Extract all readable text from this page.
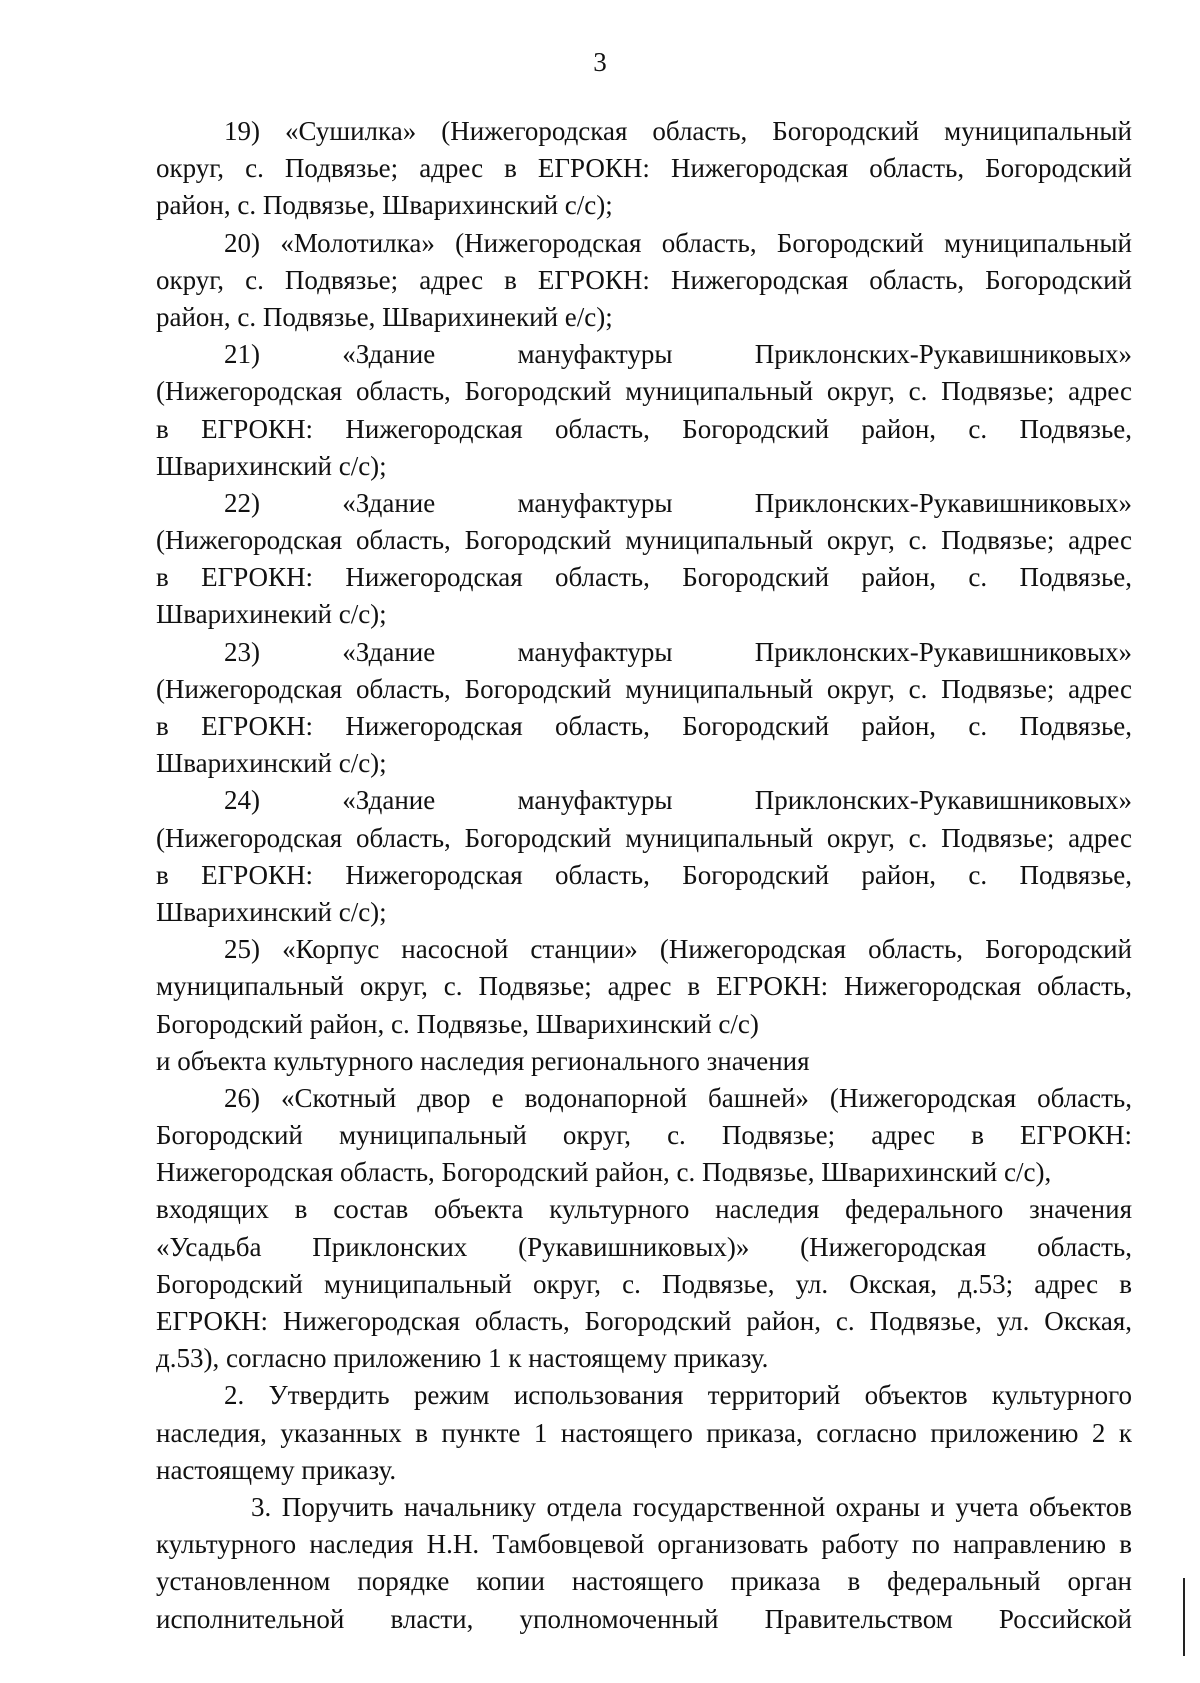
3
19) «Сушилка» (Нижегородская область, Богородский муниципальный
округ, с. Подвязье; адрес в ЕГРОКН: Нижегородская область, Богородский
район, с. Подвязье, Шварихинский с/с);
20) «Молотилка» (Нижегородская область, Богородский муниципальный
округ, с. Подвязье; адрес в ЕГРОКН: Нижегородская область, Богородский
район, с. Подвязье, Шварихинекий е/с);
21) «Здание мануфактуры Приклонских-Рукавишниковых»
(Нижегородская область, Богородский муниципальный округ, с. Подвязье; адрес
в ЕГРОКН: Нижегородская область, Богородский район, с. Подвязье,
Шварихинский с/с);
22) «Здание мануфактуры Приклонских-Рукавишниковых»
(Нижегородская область, Богородский муниципальный округ, с. Подвязье; адрес
в ЕГРОКН: Нижегородская область, Богородский район, с. Подвязье,
Шварихинекий с/с);
23) «Здание мануфактуры Приклонских-Рукавишниковых»
(Нижегородская область, Богородский муниципальный округ, с. Подвязье; адрес
в ЕГРОКН: Нижегородская область, Богородский район, с. Подвязье,
Шварихинский с/с);
24) «Здание мануфактуры Приклонских-Рукавишниковых»
(Нижегородская область, Богородский муниципальный округ, с. Подвязье; адрес
в ЕГРОКН: Нижегородская область, Богородский район, с. Подвязье,
Шварихинский с/с);
25) «Корпус насосной станции» (Нижегородская область, Богородский
муниципальный округ, с. Подвязье; адрес в ЕГРОКН: Нижегородская область,
Богородский район, с. Подвязье, Шварихинский с/с)
и объекта культурного наследия регионального значения
26) «Скотный двор е водонапорной башней» (Нижегородская область,
Богородский муниципальный округ, с. Подвязье; адрес в ЕГРОКН:
Нижегородская область, Богородский район, с. Подвязье, Шварихинский с/с),
входящих в состав объекта культурного наследия федерального значения
«Усадьба Приклонских (Рукавишниковых)» (Нижегородская область,
Богородский муниципальный округ, с. Подвязье, ул. Окская, д.53; адрес в
ЕГРОКН: Нижегородская область, Богородский район, с. Подвязье, ул. Окская,
д.53), согласно приложению 1 к настоящему приказу.
2. Утвердить режим использования территорий объектов культурного
наследия, указанных в пункте 1 настоящего приказа, согласно приложению 2 к
настоящему приказу.
3. Поручить начальнику отдела государственной охраны и учета объектов
культурного наследия Н.Н. Тамбовцевой организовать работу по направлению в
установленном порядке копии настоящего приказа в федеральный орган
исполнительной власти, уполномоченный Правительством Российской
